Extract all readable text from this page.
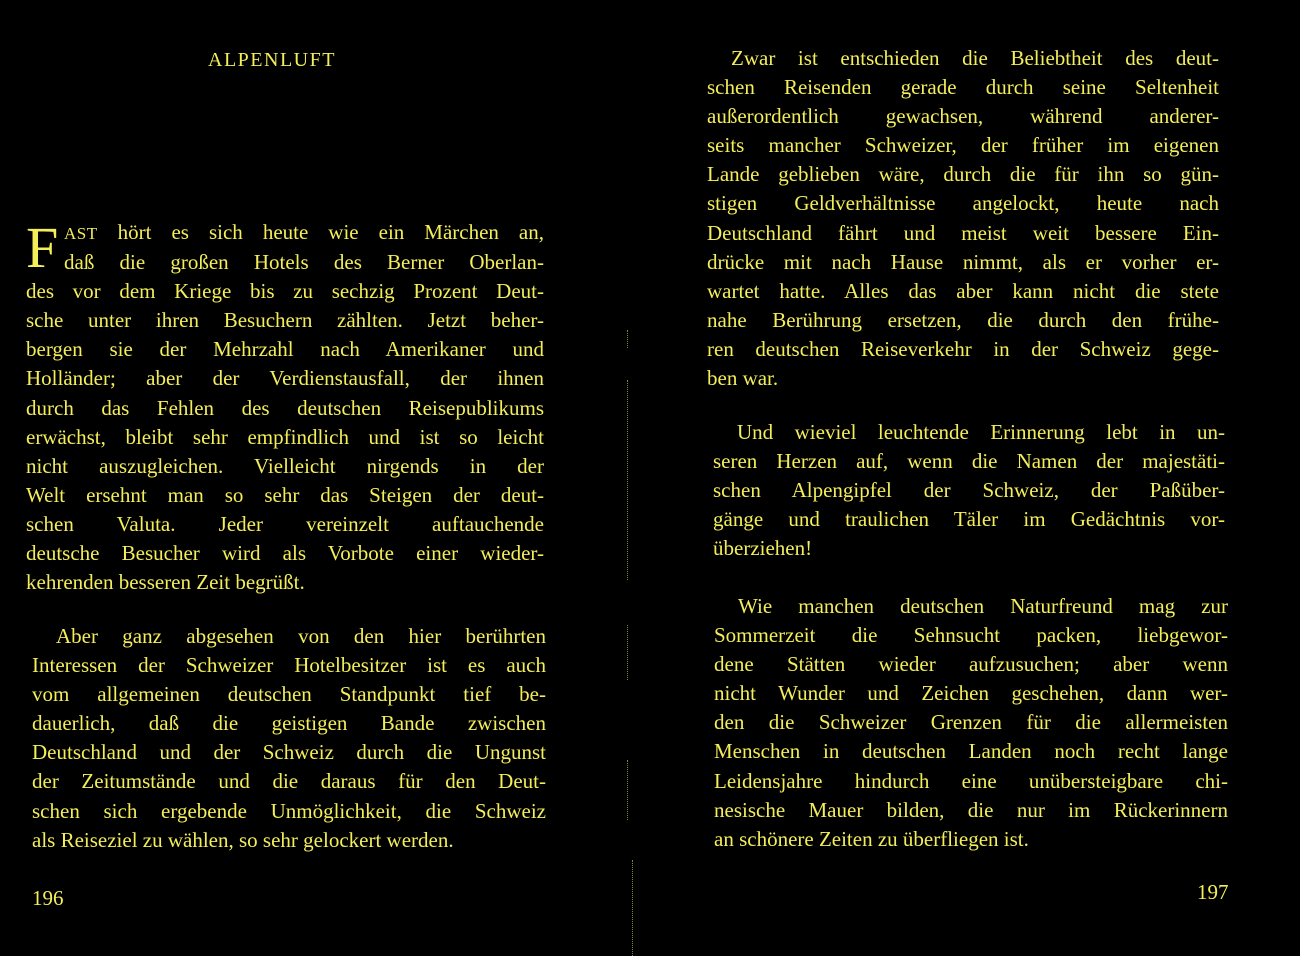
ALPENLUFT
F AST hört es sich heute wie ein Märchen an,
daß die großen Hotels des Berner Oberlan-
des vor dem Kriege bis zu sechzig Prozent Deut-
sche unter ihren Besuchern zählten. Jetzt beher-
bergen sie der Mehrzahl nach Amerikaner und
Holländer; aber der Verdienstausfall, der ihnen
durch das Fehlen des deutschen Reisepublikums
erwächst, bleibt sehr empfindlich und ist so leicht
nicht auszugleichen. Vielleicht nirgends in der
Welt ersehnt man so sehr das Steigen der deut-
schen Valuta. Jeder vereinzelt auftauchende
deutsche Besucher wird als Vorbote einer wieder-
kehrenden besseren Zeit begrüßt.
Aber ganz abgesehen von den hier berührten
Interessen der Schweizer Hotelbesitzer ist es auch
vom allgemeinen deutschen Standpunkt tief be-
dauerlich, daß die geistigen Bande zwischen
Deutschland und der Schweiz durch die Ungunst
der Zeitumstände und die daraus für den Deut-
schen sich ergebende Unmöglichkeit, die Schweiz
als Reiseziel zu wählen, so sehr gelockert werden.
196
Zwar ist entschieden die Beliebtheit des deut-
schen Reisenden gerade durch seine Seltenheit
außerordentlich gewachsen, während anderer-
seits mancher Schweizer, der früher im eigenen
Lande geblieben wäre, durch die für ihn so gün-
stigen Geldverhältnisse angelockt, heute nach
Deutschland fährt und meist weit bessere Ein-
drücke mit nach Hause nimmt, als er vorher er-
wartet hatte. Alles das aber kann nicht die stete
nahe Berührung ersetzen, die durch den frühe-
ren deutschen Reiseverkehr in der Schweiz gege-
ben war.
Und wieviel leuchtende Erinnerung lebt in un-
seren Herzen auf, wenn die Namen der majestäti-
schen Alpengipfel der Schweiz, der Paßüber-
gänge und traulichen Täler im Gedächtnis vor-
überziehen!
Wie manchen deutschen Naturfreund mag zur
Sommerzeit die Sehnsucht packen, liebgewor-
dene Stätten wieder aufzusuchen; aber wenn
nicht Wunder und Zeichen geschehen, dann wer-
den die Schweizer Grenzen für die allermeisten
Menschen in deutschen Landen noch recht lange
Leidensjahre hindurch eine unübersteigbare chi-
nesische Mauer bilden, die nur im Rückerinnern
an schönere Zeiten zu überfliegen ist.
197
